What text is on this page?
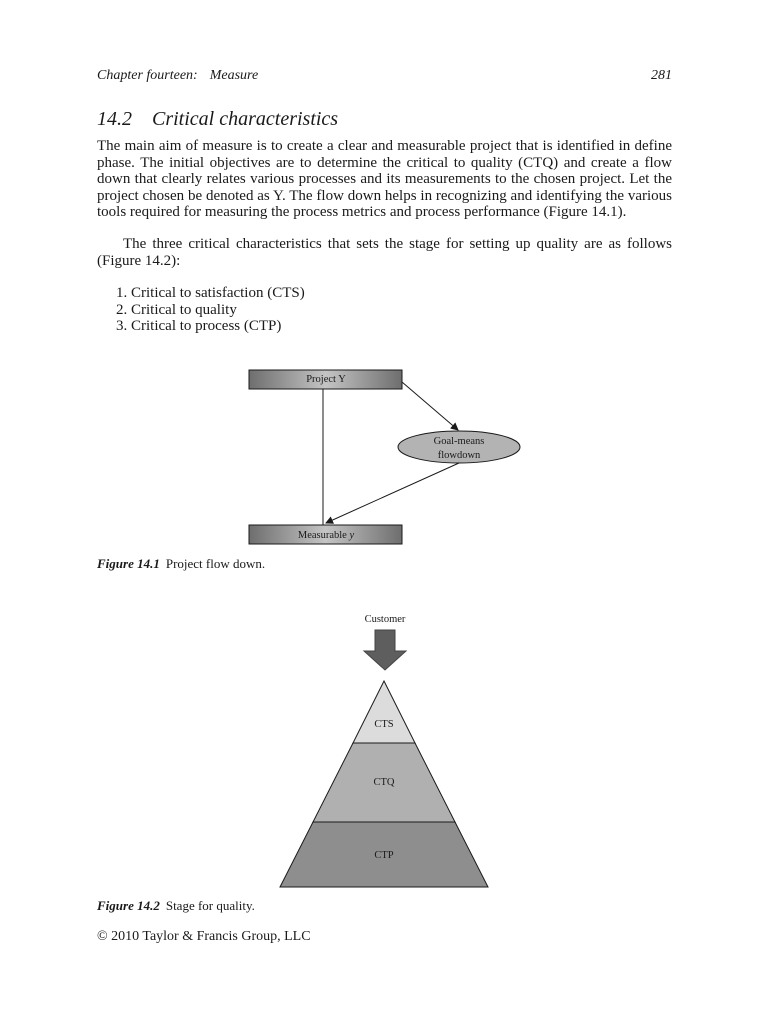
Chapter fourteen: Measure	281
14.2 Critical characteristics
The main aim of measure is to create a clear and measurable project that is identified in define phase. The initial objectives are to determine the critical to quality (CTQ) and create a flow down that clearly relates various processes and its measurements to the chosen project. Let the project chosen be denoted as Y. The flow down helps in recognizing and identifying the various tools required for measuring the process metrics and process performance (Figure 14.1).
The three critical characteristics that sets the stage for setting up quality are as follows (Figure 14.2):
1. Critical to satisfaction (CTS)
2. Critical to quality
3. Critical to process (CTP)
Project Y
Goal-means
flowdown
Measurable y
Figure 14.1 Project flow down.
Customer
CTS
CTQ
CTP
Figure 14.2 Stage for quality.
© 2010 Taylor & Francis Group, LLC
